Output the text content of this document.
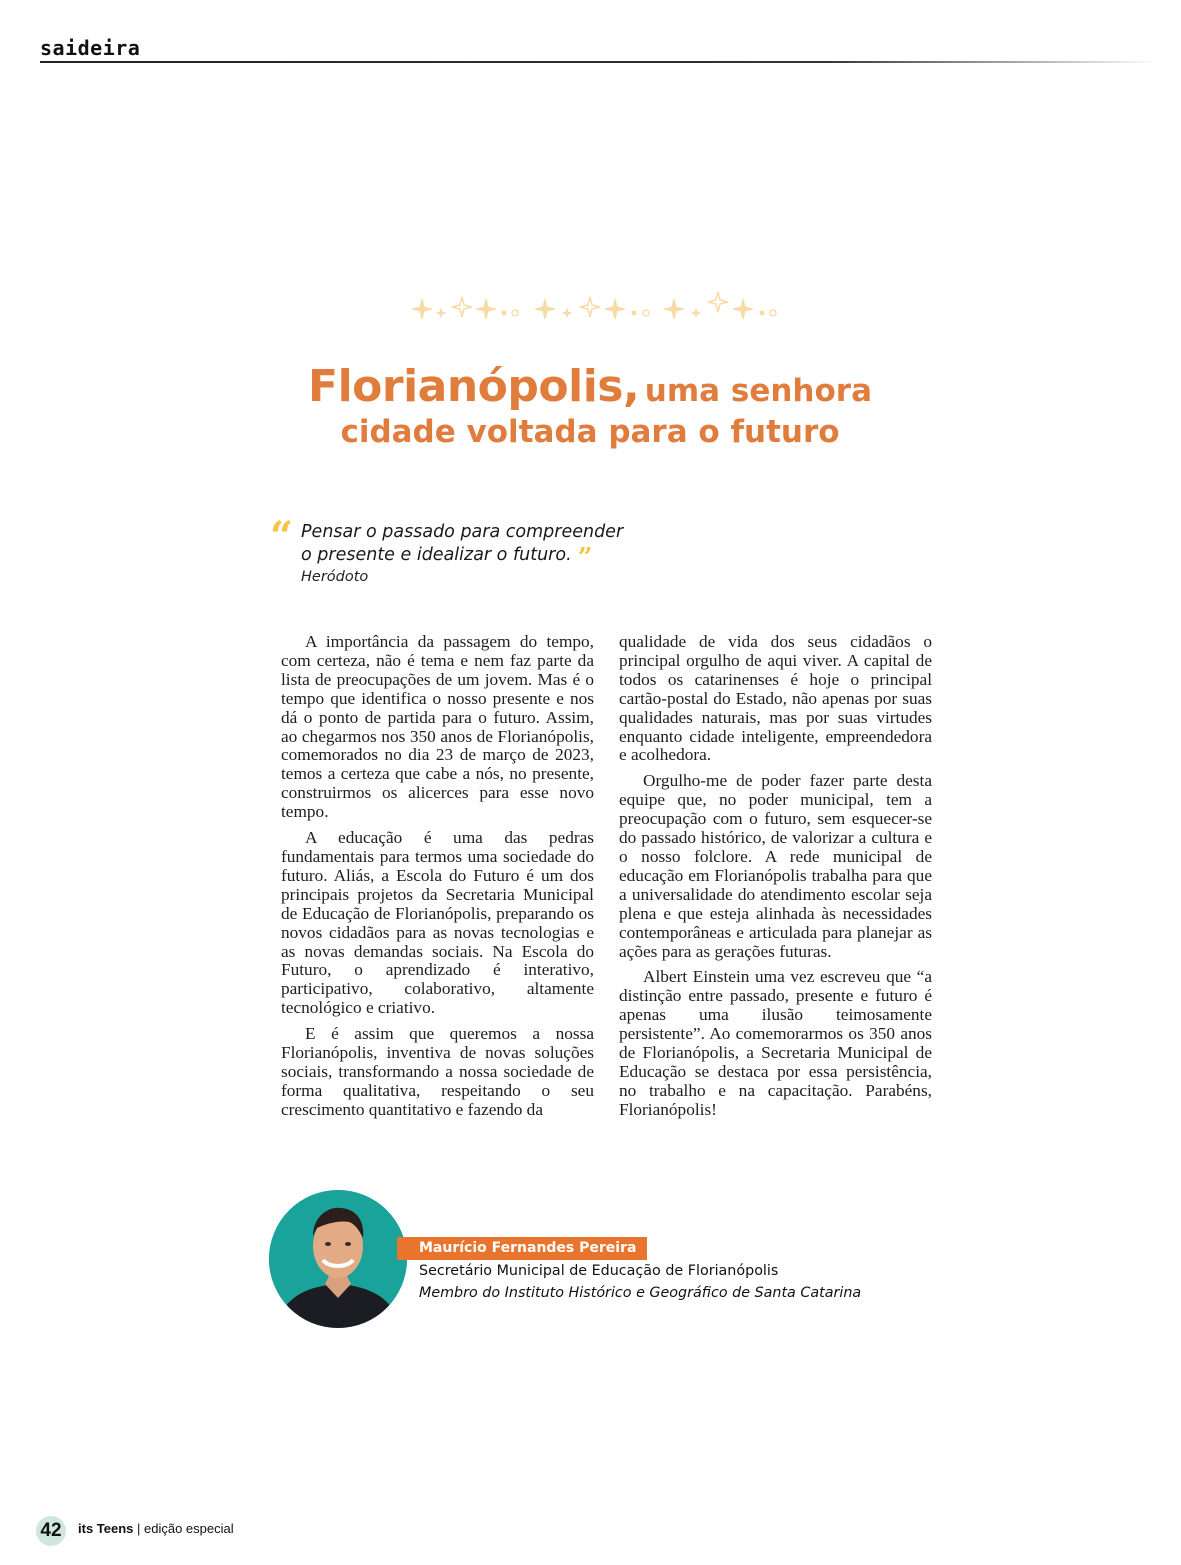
saideira
Florianópolis, uma senhora
cidade voltada para o futuro
“ Pensar o passado para compreender
o presente e idealizar o futuro. ”
Heródoto

A importância da passagem do tempo, com certeza, não é tema e nem faz parte da lista de preocupações de um jovem. Mas é o tempo que identifica o nosso presente e nos dá o ponto de partida para o futuro. Assim, ao chegarmos nos 350 anos de Florianópolis, comemorados no dia 23 de março de 2023, temos a certeza que cabe a nós, no presente, construirmos os alicerces para esse novo tempo.

A educação é uma das pedras fundamentais para termos uma sociedade do futuro. Aliás, a Escola do Futuro é um dos principais projetos da Secretaria Municipal de Educação de Florianópolis, preparando os novos cidadãos para as novas tecnologias e as novas demandas sociais. Na Escola do Futuro, o aprendizado é interativo, participativo, colaborativo, altamente tecnológico e criativo.

E é assim que queremos a nossa Florianópolis, inventiva de novas soluções sociais, transformando a nossa sociedade de forma qualitativa, respeitando o seu crescimento quantitativo e fazendo da

qualidade de vida dos seus cidadãos o principal orgulho de aqui viver. A capital de todos os catarinenses é hoje o principal cartão-postal do Estado, não apenas por suas qualidades naturais, mas por suas virtudes enquanto cidade inteligente, empreendedora e acolhedora.

Orgulho-me de poder fazer parte desta equipe que, no poder municipal, tem a preocupação com o futuro, sem esquecer-se do passado histórico, de valorizar a cultura e o nosso folclore. A rede municipal de educação em Florianópolis trabalha para que a universalidade do atendimento escolar seja plena e que esteja alinhada às necessidades contemporâneas e articulada para planejar as ações para as gerações futuras.

Albert Einstein uma vez escreveu que “a distinção entre passado, presente e futuro é apenas uma ilusão teimosamente persistente”. Ao comemorarmos os 350 anos de Florianópolis, a Secretaria Municipal de Educação se destaca por essa persistência, no trabalho e na capacitação. Parabéns, Florianópolis!

Maurício Fernandes Pereira
Secretário Municipal de Educação de Florianópolis
Membro do Instituto Histórico e Geográfico de Santa Catarina
42	its Teens | edição especial
